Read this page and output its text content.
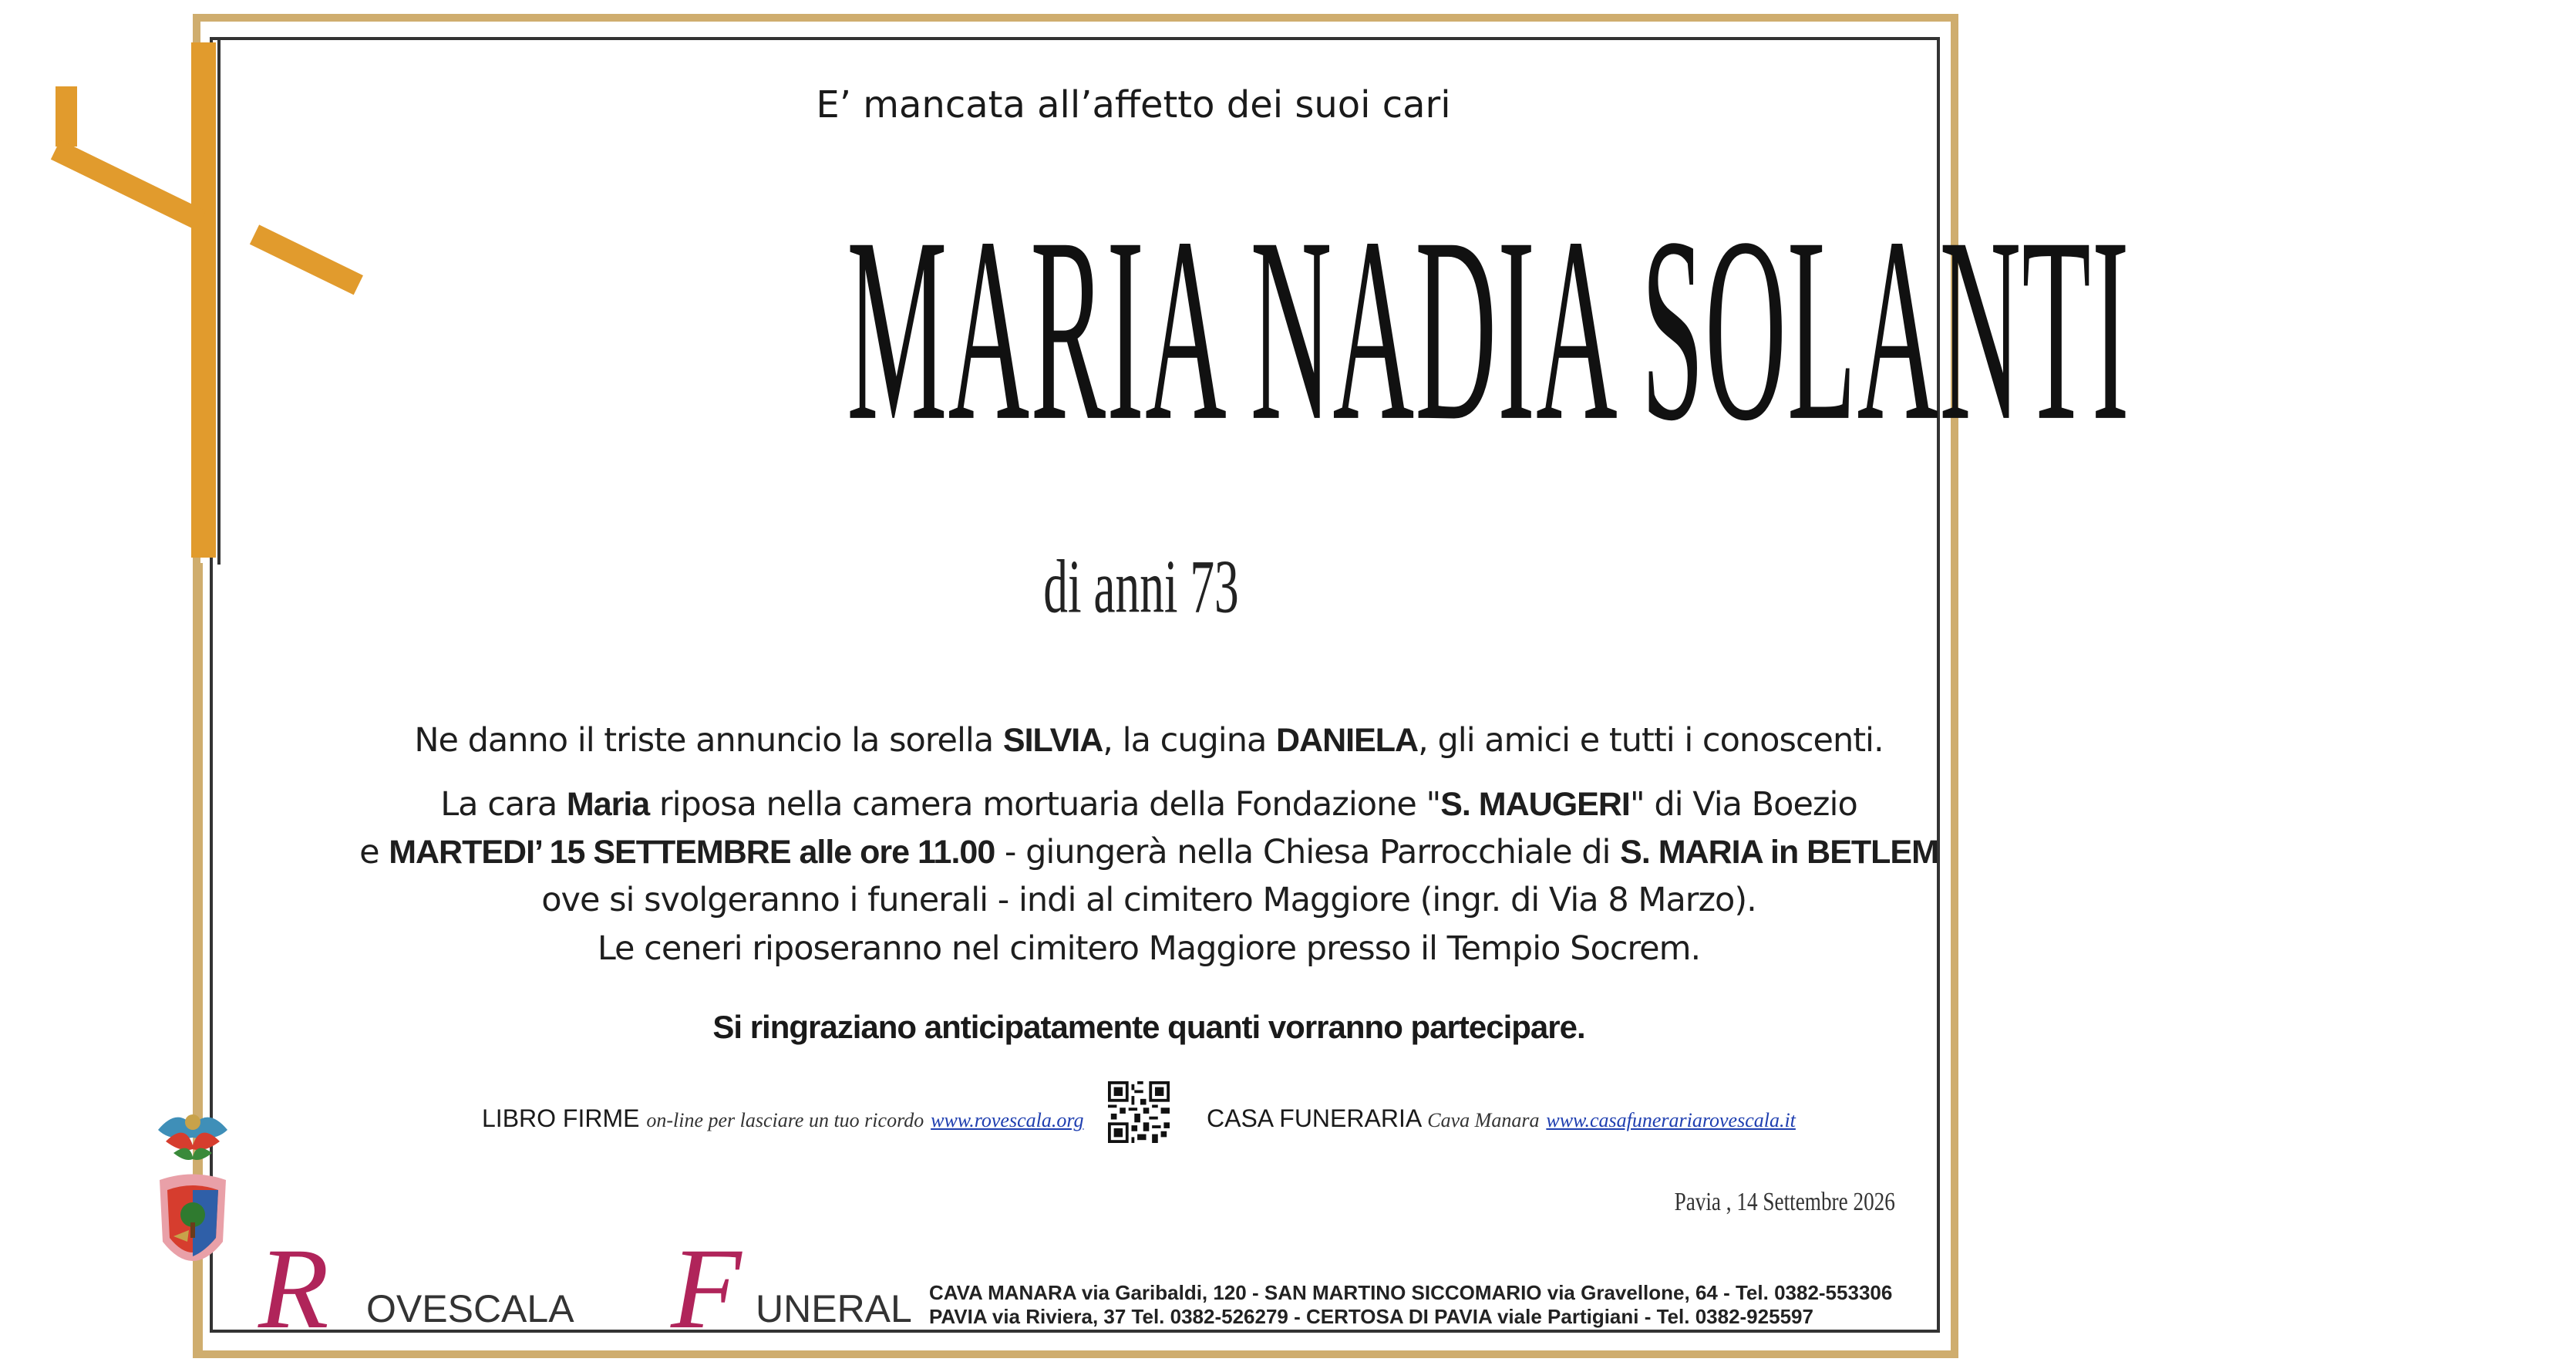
E’ mancata all’affetto dei suoi cari
MARIA NADIA SOLANTI
di anni 73
Ne danno il triste annuncio la sorella SILVIA, la cugina DANIELA, gli amici e tutti i conoscenti.
La cara Maria riposa nella camera mortuaria della Fondazione "S. MAUGERI" di Via Boezio
e MARTEDI’ 15 SETTEMBRE alle ore 11.00 - giungerà nella Chiesa Parrocchiale di S. MARIA in BETLEM
ove si svolgeranno i funerali - indi al cimitero Maggiore (ingr. di Via 8 Marzo).
Le ceneri riposeranno nel cimitero Maggiore presso il Tempio Socrem.
Si ringraziano anticipatamente quanti vorranno partecipare.
LIBRO FIRME on-line per lasciare un tuo ricordo www.rovescala.org	CASA FUNERARIA Cava Manara www.casafunerariarovescala.it
Pavia , 14 Settembre 2026
R OVESCALA F UNERAL CAVA MANARA via Garibaldi, 120 - SAN MARTINO SICCOMARIO via Gravellone, 64 - Tel. 0382-553306
PAVIA via Riviera, 37 Tel. 0382-526279 - CERTOSA DI PAVIA viale Partigiani - Tel. 0382-925597
